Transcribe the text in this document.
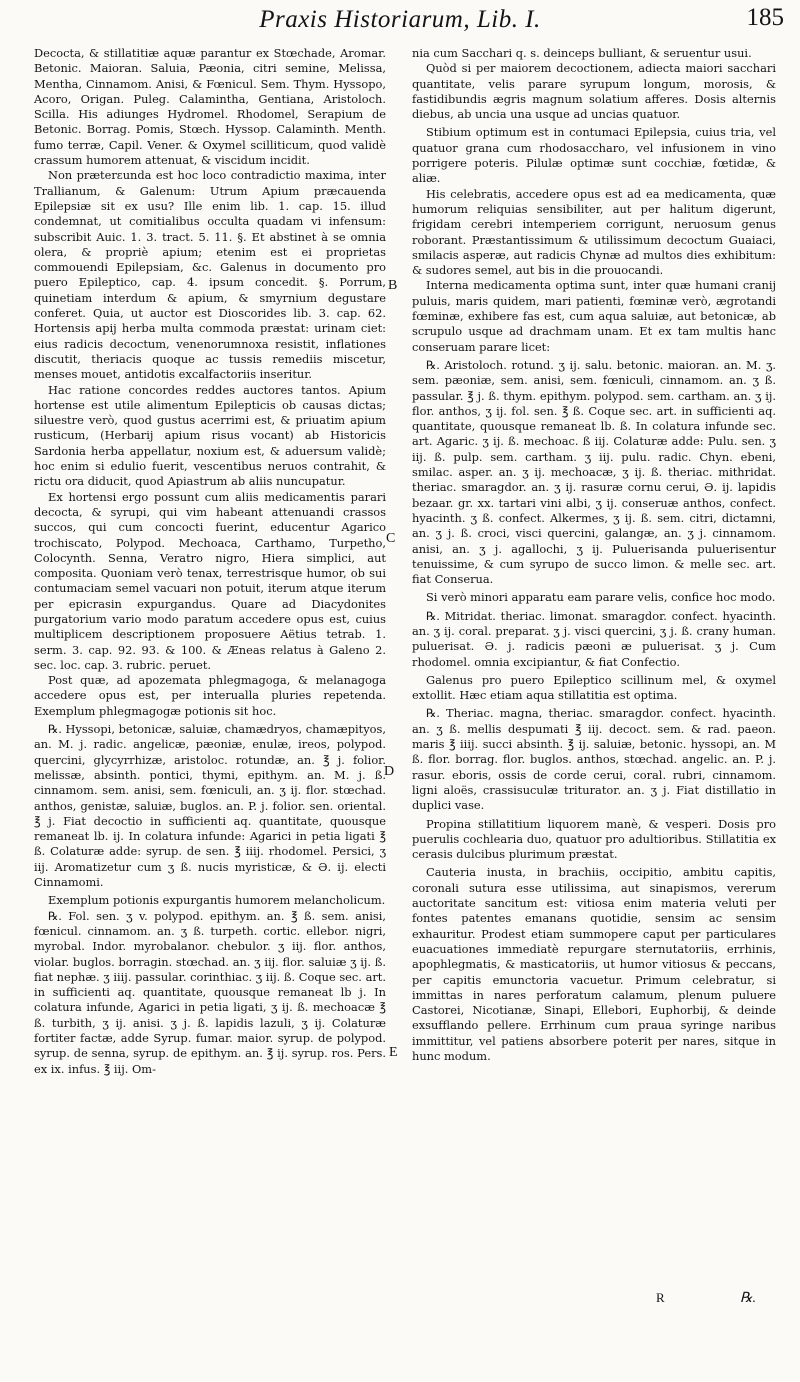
Praxis Historiarum, Lib. I.	185

Decocta, & stillatitiæ aquæ parantur ex Stœchade, Aromar. Betonic. Maioran. Saluia, Pæonia, citri semine, Melissa, Mentha, Cinnamom. Anisi, & Fœnicul. Sem. Thym. Hyssopo, Acoro, Origan. Puleg. Calamintha, Gentiana, Aristoloch. Scilla. His adiunges Hydromel. Rhodomel, Serapium de Betonic. Borrag. Pomis, Stœch. Hyssop. Calaminth. Menth. fumo terræ, Capil. Vener. & Oxymel scilliticum, quod validè crassum humorem attenuat, & viscidum incidit.

Non præterεunda est hoc loco contradictio maxima, inter Trallianum, & Galenum: Utrum Apium præcauenda Epilepsiæ sit ex usu? Ille enim lib. 1. cap. 15. illud condemnat, ut comitialibus occulta quadam vi infensum: subscribit Auic. 1. 3. tract. 5. 11. §. Et abstinet à se omnia olera, & propriè apium; etenim est ei proprietas commouendi Epilepsiam, &c. Galenus in documento pro puero Epileptico, cap. 4. ipsum concedit. §. Porrum, quinetiam interdum & apium, & smyrnium degustare conferet. Quia, ut auctor est Dioscorides lib. 3. cap. 62. Hortensis apij herba multa commoda præstat: urinam ciet: eius radicis decoctum, venenorumnoxa resistit, inflationes discutit, theriacis quoque ac tussis remediis miscetur, menses mouet, antidotis excalfactoriis inseritur.

Hac ratione concordes reddes auctores tantos. Apium hortense est utile alimentum Epilepticis ob causas dictas; siluestre verò, quod gustus acerrimi est, & priuatim apium rusticum, (Herbarij apium risus vocant) ab Historicis Sardonia herba appellatur, noxium est, & aduersum validè; hoc enim si edulio fuerit, vescentibus neruos contrahit, & rictu ora diducit, quod Apiastrum ab aliis nuncupatur.

Ex hortensi ergo possunt cum aliis medicamentis parari decocta, & syrupi, qui vim habeant attenuandi crassos succos, qui cum concocti fuerint, educentur Agarico trochiscato, Polypod. Mechoaca, Carthamo, Turpetho, Colocynth. Senna, Veratro nigro, Hiera simplici, aut composita. Quoniam verò tenax, terrestrisque humor, ob sui contumaciam semel vacuari non potuit, iterum atque iterum per epicrasin expurgandus. Quare ad Diacydonites purgatorium vario modo paratum accedere opus est, cuius multiplicem descriptionem proposuere Aëtius tetrab. 1. serm. 3. cap. 92. 93. & 100. & Æneas relatus à Galeno 2. sec. loc. cap. 3. rubric. peruet.

Post quæ, ad apozemata phlegmagoga, & melanagoga accedere opus est, per interualla pluries repetenda. Exemplum phlegmagogæ potionis sit hoc.

℞. Hyssopi, betonicæ, saluiæ, chamædryos, chamæpityos, an. M. j. radic. angelicæ, pæoniæ, enulæ, ireos, polypod. quercini, glycyrrhizæ, aristoloc. rotundæ, an. ℥ j. folior. melissæ, absinth. pontici, thymi, epithym. an. M. j. ß. cinnamom. sem. anisi, sem. fœniculi, an. ʒ ij. flor. stœchad. anthos, genistæ, saluiæ, buglos. an. P. j. folior. sen. oriental. ℥ j. Fiat decoctio in sufficienti aq. quantitate, quousque remaneat lb. ij. In colatura infunde: Agarici in petia ligati ℥ ß. Colaturæ adde: syrup. de sen. ℥ iiij. rhodomel. Persici, ʒ iij. Aromatizetur cum ʒ ß. nucis myristicæ, & Ə. ij. electi Cinnamomi.

Exemplum potionis expurgantis humorem melancholicum.

℞. Fol. sen. ʒ v. polypod. epithym. an. ℥ ß. sem. anisi, fœnicul. cinnamom. an. ʒ ß. turpeth. cortic. ellebor. nigri, myrobal. Indor. myrobalanor. chebulor. ʒ iij. flor. anthos, violar. buglos. borragin. stœchad. an. ʒ iij. flor. saluiæ ʒ ij. ß. fiat nephæ. ʒ iiij. passular. corinthiac. ʒ iij. ß. Coque sec. art. in sufficienti aq. quantitate, quousque remaneat lb j. In colatura infunde, Agarici in petia ligati, ʒ ij. ß. mechoacæ ℥ ß. turbith, ʒ ij. anisi. ʒ j. ß. lapidis lazuli, ʒ ij. Colaturæ fortiter factæ, adde Syrup. fumar. maior. syrup. de polypod. syrup. de senna, syrup. de epithym. an. ℥ ij. syrup. ros. Pers. ex ix. infus. ℥ iij. Om-

nia cum Sacchari q. s. deinceps bulliant, & seruentur usui.

Quòd si per maiorem decoctionem, adiecta maiori sacchari quantitate, velis parare syrupum longum, morosis, & fastidibundis ægris magnum solatium afferes. Dosis alternis diebus, ab uncia una usque ad uncias quatuor.

Stibium optimum est in contumaci Epilepsia, cuius tria, vel quatuor grana cum rhodosaccharo, vel infusionem in vino porrigere poteris. Pilulæ optimæ sunt cocchiæ, fœtidæ, & aliæ.

His celebratis, accedere opus est ad ea medicamenta, quæ humorum reliquias sensibiliter, aut per halitum digerunt, frigidam cerebri intemperiem corrigunt, neruosum genus roborant. Præstantissimum & utilissimum decoctum Guaiaci, smilacis asperæ, aut radicis Chynæ ad multos dies exhibitum: & sudores semel, aut bis in die prouocandi.

Interna medicamenta optima sunt, inter quæ humani cranij puluis, maris quidem, mari patienti, fœminæ verò, ægrotandi fœminæ, exhibere fas est, cum aqua saluiæ, aut betonicæ, ab scrupulo usque ad drachmam unam. Et ex tam multis hanc conseruam parare licet:

℞. Aristoloch. rotund. ʒ ij. salu. betonic. maioran. an. M. ʒ. sem. pæoniæ, sem. anisi, sem. fœniculi, cinnamom. an. ʒ ß. passular. ℥ j. ß. thym. epithym. polypod. sem. cartham. an. ʒ ij. flor. anthos, ʒ ij. fol. sen. ℥ ß. Coque sec. art. in sufficienti aq. quantitate, quousque remaneat lb. ß. In colatura infunde sec. art. Agaric. ʒ ij. ß. mechoac. ß iij. Colaturæ adde: Pulu. sen. ʒ iij. ß. pulp. sem. cartham. ʒ iij. pulu. radic. Chyn. ebeni, smilac. asper. an. ʒ ij. mechoacæ, ʒ ij. ß. theriac. mithridat. theriac. smaragdor. an. ʒ ij. rasuræ cornu cerui, Ə. ij. lapidis bezaar. gr. xx. tartari vini albi, ʒ ij. conseruæ anthos, confect. hyacinth. ʒ ß. confect. Alkermes, ʒ ij. ß. sem. citri, dictamni, an. ʒ j. ß. croci, visci quercini, galangæ, an. ʒ j. cinnamom. anisi, an. ʒ j. agallochi, ʒ ij. Puluerisanda puluerisentur tenuissime, & cum syrupo de succo limon. & melle sec. art. fiat Conserua.

Si verò minori apparatu eam parare velis, confice hoc modo.

℞. Mitridat. theriac. limonat. smaragdor. confect. hyacinth. an. ʒ ij. coral. preparat. ʒ j. visci quercini, ʒ j. ß. crany human. puluerisat. Ə. j. radicis pæoni æ puluerisat. ʒ j. Cum rhodomel. omnia excipiantur, & fiat Confectio.

Galenus pro puero Epileptico scillinum mel, & oxymel extollit. Hæc etiam aqua stillatitia est optima.

℞. Theriac. magna, theriac. smaragdor. confect. hyacinth. an. ʒ ß. mellis despumati ℥ iij. decoct. sem. & rad. paeon. maris ℥ iiij. succi absinth. ℥ ij. saluiæ, betonic. hyssopi, an. M ß. flor. borrag. flor. buglos. anthos, stœchad. angelic. an. P. j. rasur. eboris, ossis de corde cerui, coral. rubri, cinnamom. ligni aloës, crassisuculæ triturator. an. ʒ j. Fiat distillatio in duplici vase.

Propina stillatitium liquorem manè, & vesperi. Dosis pro puerulis cochlearia duo, quatuor pro adultioribus. Stillatitia ex cerasis dulcibus plurimum præstat.

Cauteria inusta, in brachiis, occipitio, ambitu capitis, coronali sutura esse utilissima, aut sinapismos, vererum auctoritate sancitum est: vitiosa enim materia veluti per fontes patentes emanans quotidie, sensim ac sensim exhauritur. Prodest etiam summopere caput per particulares euacuationes immediatè repurgare sternutatoriis, errhinis, apophlegmatis, & masticatoriis, ut humor vitiosus & peccans, per capitis emunctoria vacuetur. Primum celebratur, si immittas in nares perforatum calamum, plenum puluere Castorei, Nicotianæ, Sinapi, Ellebori, Euphorbij, & deinde exsufflando pellere. Errhinum cum praua syringe naribus immittitur, vel patiens absorbere poterit per nares, sitque in hunc modum.

B
C
D
E
R	℞.
